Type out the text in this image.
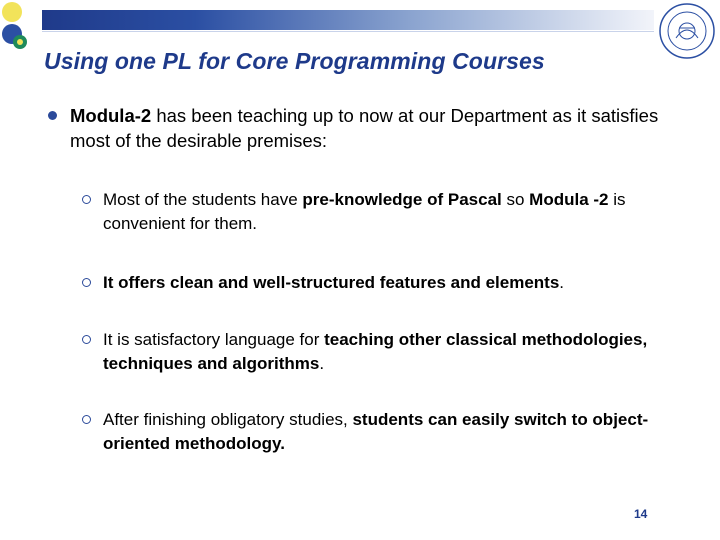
Using one PL for Core Programming Courses
Modula-2 has been teaching up to now at our Department as it satisfies most of the desirable premises:
Most of the students have pre-knowledge of Pascal so Modula -2 is convenient for them.
It offers clean and well-structured features and elements.
It is satisfactory language for teaching other classical methodologies, techniques and algorithms.
After finishing obligatory studies, students can easily switch to object-oriented methodology.
14
